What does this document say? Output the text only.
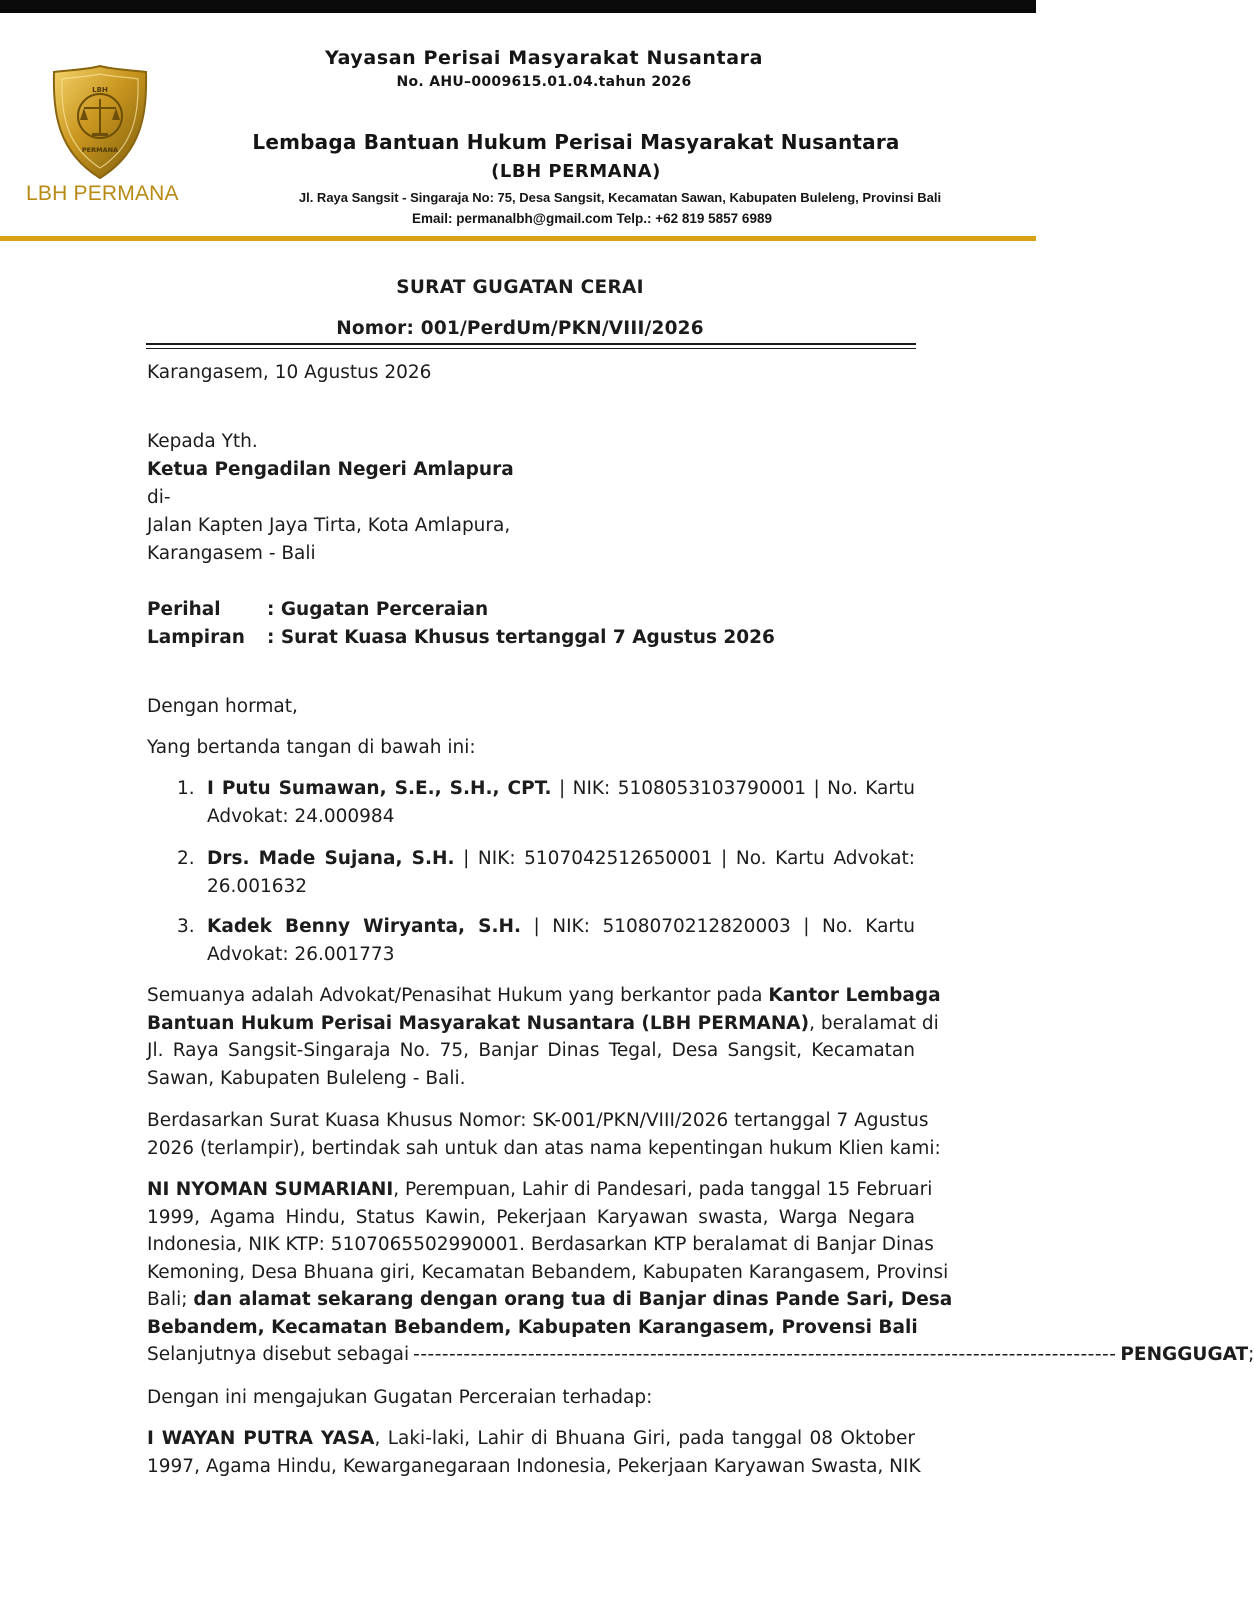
LBH
PERMANA
LBH PERMANA
Yayasan Perisai Masyarakat Nusantara
No. AHU–0009615.01.04.tahun 2026
Lembaga Bantuan Hukum Perisai Masyarakat Nusantara
(LBH PERMANA)
Jl. Raya Sangsit - Singaraja No: 75, Desa Sangsit, Kecamatan Sawan, Kabupaten Buleleng, Provinsi Bali
Email: permanalbh@gmail.com Telp.: +62 819 5857 6989
SURAT GUGATAN CERAI
Nomor: 001/PerdUm/PKN/VIII/2026
Karangasem, 10 Agustus 2026
Kepada Yth.
Ketua Pengadilan Negeri Amlapura
di-
Jalan Kapten Jaya Tirta, Kota Amlapura,
Karangasem - Bali
Perihal	: Gugatan Perceraian
Lampiran : Surat Kuasa Khusus tertanggal 7 Agustus 2026
Dengan hormat,
Yang bertanda tangan di bawah ini:
1. I Putu Sumawan, S.E., S.H., CPT. | NIK: 5108053103790001 | No. Kartu Advokat: 24.000984
2. Drs. Made Sujana, S.H. | NIK: 5107042512650001 | No. Kartu Advokat: 26.001632
3. Kadek Benny Wiryanta, S.H. | NIK: 5108070212820003 | No. Kartu Advokat: 26.001773
Semuanya adalah Advokat/Penasihat Hukum yang berkantor pada Kantor Lembaga
Bantuan Hukum Perisai Masyarakat Nusantara (LBH PERMANA), beralamat di
Jl. Raya Sangsit-Singaraja No. 75, Banjar Dinas Tegal, Desa Sangsit, Kecamatan
Sawan, Kabupaten Buleleng - Bali.
Berdasarkan Surat Kuasa Khusus Nomor: SK-001/PKN/VIII/2026 tertanggal 7 Agustus
2026 (terlampir), bertindak sah untuk dan atas nama kepentingan hukum Klien kami:
NI NYOMAN SUMARIANI, Perempuan, Lahir di Pandesari, pada tanggal 15 Februari
1999, Agama Hindu, Status Kawin, Pekerjaan Karyawan swasta, Warga Negara
Indonesia, NIK KTP: 5107065502990001. Berdasarkan KTP beralamat di Banjar Dinas
Kemoning, Desa Bhuana giri, Kecamatan Bebandem, Kabupaten Karangasem, Provinsi
Bali; dan alamat sekarang dengan orang tua di Banjar dinas Pande Sari, Desa
Bebandem, Kecamatan Bebandem, Kabupaten Karangasem, Provensi Bali
Selanjutnya disebut sebagai -------------------------------------------------------------------------------------------------- PENGGUGAT ;
Dengan ini mengajukan Gugatan Perceraian terhadap:
I WAYAN PUTRA YASA, Laki-laki, Lahir di Bhuana Giri, pada tanggal 08 Oktober
1997, Agama Hindu, Kewarganegaraan Indonesia, Pekerjaan Karyawan Swasta, NIK
